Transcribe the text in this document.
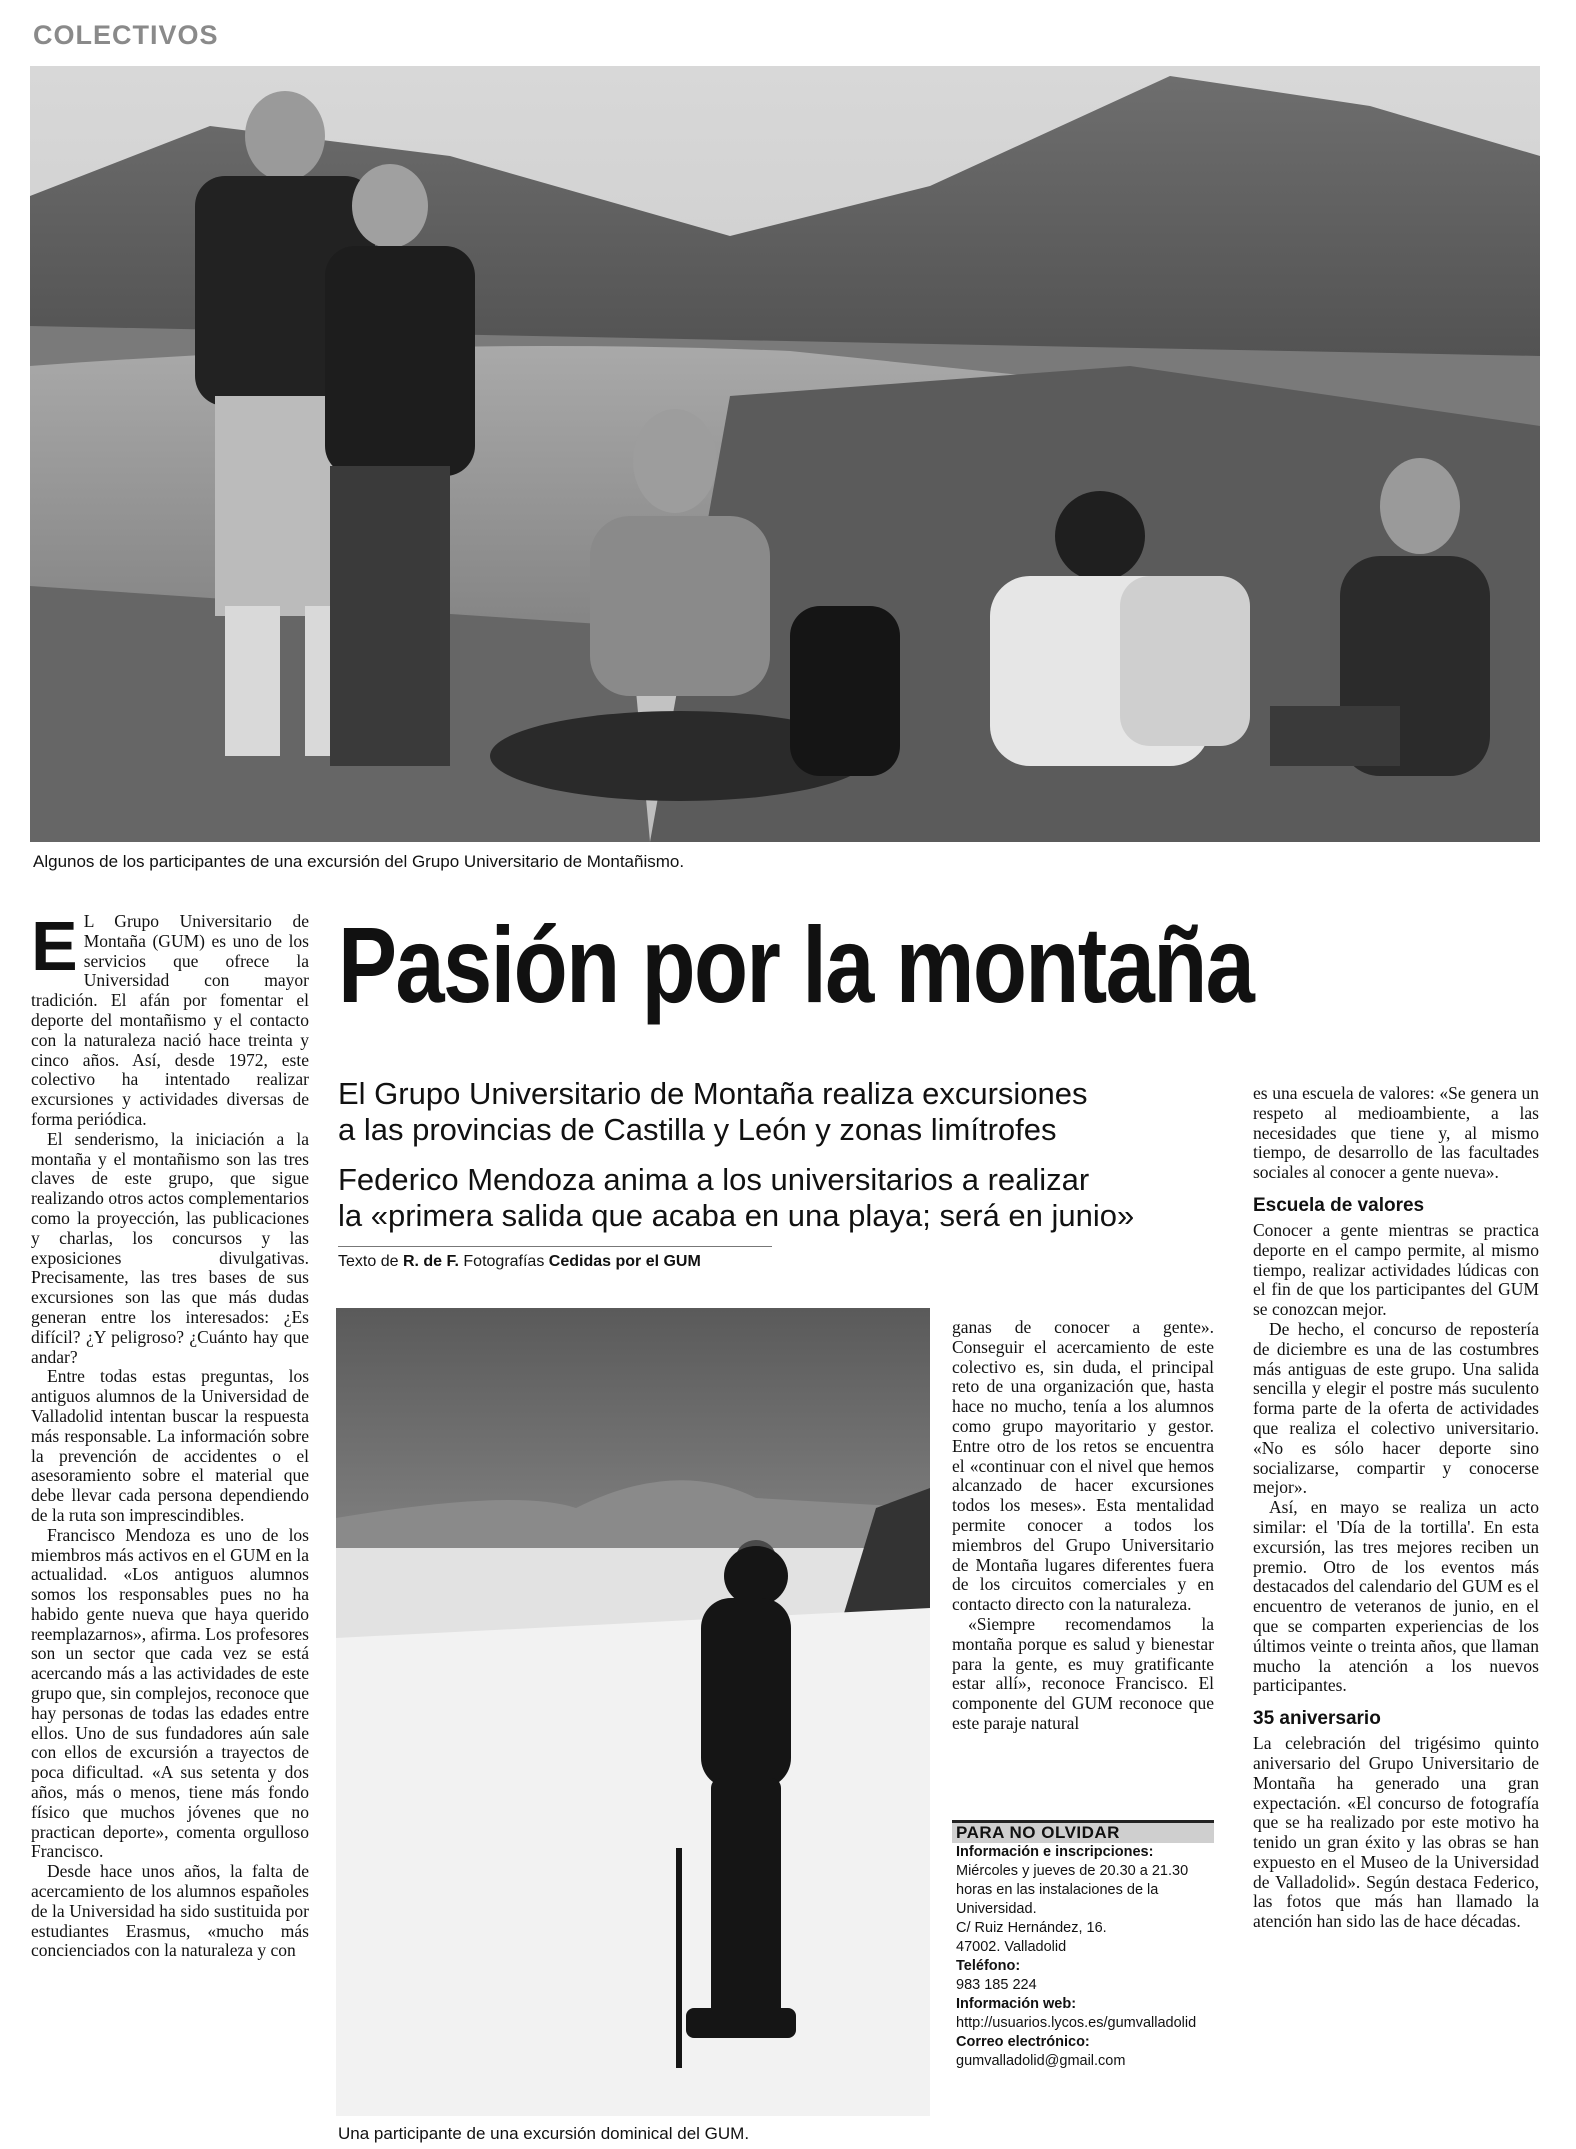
COLECTIVOS
Algunos de los participantes de una excursión del Grupo Universitario de Montañismo.

E L Grupo Universitario de Montaña (GUM) es uno de los servicios que ofrece la Universidad con mayor tradición. El afán por fomentar el deporte del montañismo y el contacto con la naturaleza nació hace treinta y cinco años. Así, desde 1972, este colectivo ha intentado realizar excursiones y actividades diversas de forma periódica.

El senderismo, la iniciación a la montaña y el montañismo son las tres claves de este grupo, que sigue realizando otros actos complementarios como la proyección, las publicaciones y charlas, los concursos y las exposiciones divulgativas. Precisamente, las tres bases de sus excursiones son las que más dudas generan entre los interesados: ¿Es difícil? ¿Y peligroso? ¿Cuánto hay que andar?

Entre todas estas preguntas, los antiguos alumnos de la Universidad de Valladolid intentan buscar la respuesta más responsable. La información sobre la prevención de accidentes o el asesoramiento sobre el material que debe llevar cada persona dependiendo de la ruta son imprescindibles.

Francisco Mendoza es uno de los miembros más activos en el GUM en la actualidad. «Los antiguos alumnos somos los responsables pues no ha habido gente nueva que haya querido reemplazarnos», afirma. Los profesores son un sector que cada vez se está acercando más a las actividades de este grupo que, sin complejos, reconoce que hay personas de todas las edades entre ellos. Uno de sus fundadores aún sale con ellos de excursión a trayectos de poca dificultad. «A sus setenta y dos años, más o menos, tiene más fondo físico que muchos jóvenes que no practican deporte», comenta orgulloso Francisco.

Desde hace unos años, la falta de acercamiento de los alumnos españoles de la Universidad ha sido sustituida por estudiantes Erasmus, «mucho más concienciados con la naturaleza y con

Pasión por la montaña
El Grupo Universitario de Montaña realiza excursiones
a las provincias de Castilla y León y zonas limítrofes
Federico Mendoza anima a los universitarios a realizar
la «primera salida que acaba en una playa; será en junio»
Texto de R. de F. Fotografías Cedidas por el GUM
Una participante de una excursión dominical del GUM.

ganas de conocer a gente». Conseguir el acercamiento de este colectivo es, sin duda, el principal reto de una organización que, hasta hace no mucho, tenía a los alumnos como grupo mayoritario y gestor. Entre otro de los retos se encuentra el «continuar con el nivel que hemos alcanzado de hacer excursiones todos los meses». Esta mentalidad permite conocer a todos los miembros del Grupo Universitario de Montaña lugares diferentes fuera de los circuitos comerciales y en contacto directo con la naturaleza.

«Siempre recomendamos la montaña porque es salud y bienestar para la gente, es muy gratificante estar allí», reconoce Francisco. El componente del GUM reconoce que este paraje natural

PARA NO OLVIDAR
Información e inscripciones:
Miércoles y jueves de 20.30 a 21.30
horas en las instalaciones de la
Universidad.
C/ Ruiz Hernández, 16.
47002. Valladolid
Teléfono:
983 185 224
Información web:
http://usuarios.lycos.es/gumvalladolid
Correo electrónico:
gumvalladolid@gmail.com

es una escuela de valores: «Se genera un respeto al medioambiente, a las necesidades que tiene y, al mismo tiempo, de desarrollo de las facultades sociales al conocer a gente nueva».

Escuela de valores

Conocer a gente mientras se practica deporte en el campo permite, al mismo tiempo, realizar actividades lúdicas con el fin de que los participantes del GUM se conozcan mejor.

De hecho, el concurso de repostería de diciembre es una de las costumbres más antiguas de este grupo. Una salida sencilla y elegir el postre más suculento forma parte de la oferta de actividades que realiza el colectivo universitario. «No es sólo hacer deporte sino socializarse, compartir y conocerse mejor».

Así, en mayo se realiza un acto similar: el 'Día de la tortilla'. En esta excursión, las tres mejores reciben un premio. Otro de los eventos más destacados del calendario del GUM es el encuentro de veteranos de junio, en el que se comparten experiencias de los últimos veinte o treinta años, que llaman mucho la atención a los nuevos participantes.

35 aniversario

La celebración del trigésimo quinto aniversario del Grupo Universitario de Montaña ha generado una gran expectación. «El concurso de fotografía que se ha realizado por este motivo ha tenido un gran éxito y las obras se han expuesto en el Museo de la Universidad de Valladolid». Según destaca Federico, las fotos que más han llamado la atención han sido las de hace décadas.
